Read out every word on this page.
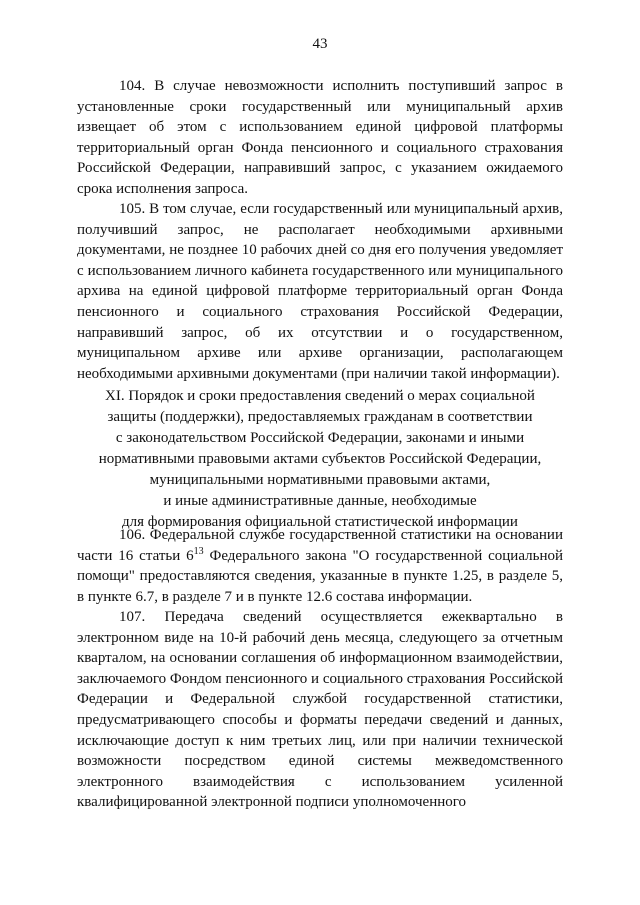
43

104. В случае невозможности исполнить поступивший запрос в установленные сроки государственный или муниципальный архив извещает об этом с использованием единой цифровой платформы территориальный орган Фонда пенсионного и социального страхования Российской Федерации, направивший запрос, с указанием ожидаемого срока исполнения запроса.

105. В том случае, если государственный или муниципальный архив, получивший запрос, не располагает необходимыми архивными документами, не позднее 10 рабочих дней со дня его получения уведомляет с использованием личного кабинета государственного или муниципального архива на единой цифровой платформе территориальный орган Фонда пенсионного и социального страхования Российской Федерации, направивший запрос, об их отсутствии и о государственном, муниципальном архиве или архиве организации, располагающем необходимыми архивными документами (при наличии такой информации).

XI. Порядок и сроки предоставления сведений о мерах социальной
защиты (поддержки), предоставляемых гражданам в соответствии
с законодательством Российской Федерации, законами и иными
нормативными правовыми актами субъектов Российской Федерации,
муниципальными нормативными правовыми актами,
и иные административные данные, необходимые
для формирования официальной статистической информации

106. Федеральной службе государственной статистики на основании части 16 статьи $6^{13}$ Федерального закона "О государственной социальной помощи" предоставляются сведения, указанные в пункте 1.25, в разделе 5, в пункте 6.7, в разделе 7 и в пункте 12.6 состава информации.

107. Передача сведений осуществляется ежеквартально в электронном виде на 10-й рабочий день месяца, следующего за отчетным кварталом, на основании соглашения об информационном взаимодействии, заключаемого Фондом пенсионного и социального страхования Российской Федерации и Федеральной службой государственной статистики, предусматривающего способы и форматы передачи сведений и данных, исключающие доступ к ним третьих лиц, или при наличии технической возможности посредством единой системы межведомственного электронного взаимодействия с использованием усиленной квалифицированной электронной подписи уполномоченного
